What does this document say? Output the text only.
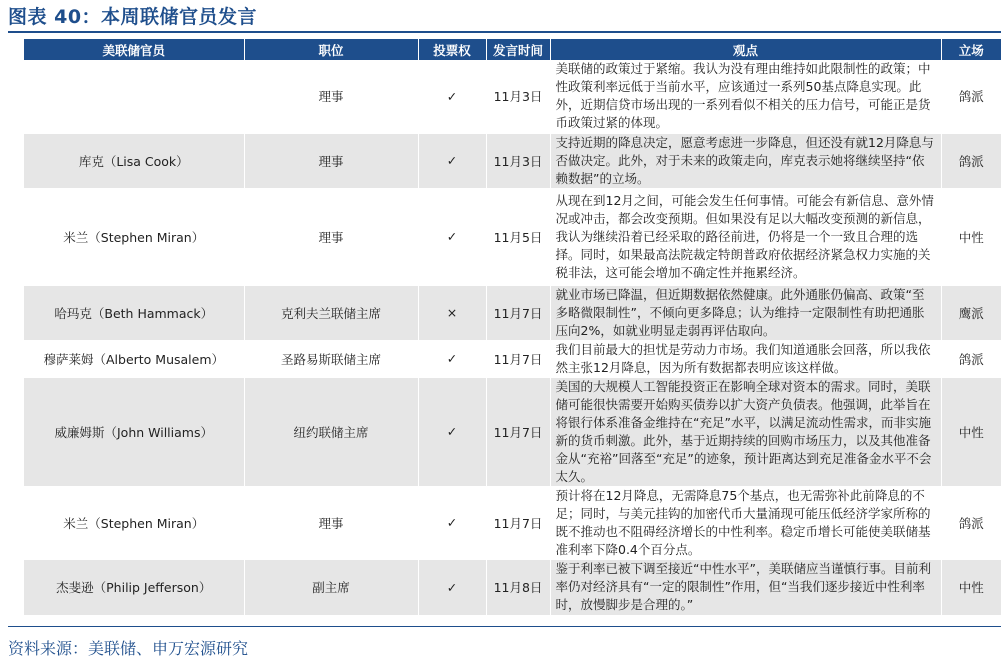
图表 40：本周联储官员发言
美联储官员	职位	投票权	发言时间	观点	立场
	理事	✓	11月3日	美联储的政策过于紧缩。我认为没有理由维持如此限制性的政策；中性政策利率远低于当前水平，应该通过一系列50基点降息实现。此外，近期信贷市场出现的一系列看似不相关的压力信号，可能正是货币政策过紧的体现。	鸽派
库克（Lisa Cook）	理事	✓	11月3日	支持近期的降息决定，愿意考虑进一步降息，但还没有就12月降息与否做决定。此外，对于未来的政策走向，库克表示她将继续坚持“依赖数据”的立场。	鸽派
米兰（Stephen Miran）	理事	✓	11月5日	从现在到12月之间，可能会发生任何事情。可能会有新信息、意外情况或冲击，都会改变预期。但如果没有足以大幅改变预测的新信息，我认为继续沿着已经采取的路径前进，仍将是一个一致且合理的选择。同时，如果最高法院裁定特朗普政府依据经济紧急权力实施的关税非法，这可能会增加不确定性并拖累经济。	中性
哈玛克（Beth Hammack）	克利夫兰联储主席	×	11月7日	就业市场已降温，但近期数据依然健康。此外通胀仍偏高、政策“至多略微限制性”，不倾向更多降息；认为维持一定限制性有助把通胀压向2%，如就业明显走弱再评估取向。	鹰派
穆萨莱姆（Alberto Musalem）	圣路易斯联储主席	✓	11月7日	我们目前最大的担忧是劳动力市场。我们知道通胀会回落，所以我依然主张12月降息，因为所有数据都表明应该这样做。	鸽派
威廉姆斯（John Williams）	纽约联储主席	✓	11月7日	美国的大规模人工智能投资正在影响全球对资本的需求。同时，美联储可能很快需要开始购买债券以扩大资产负债表。他强调，此举旨在将银行体系准备金维持在“充足”水平，以满足流动性需求，而非实施新的货币刺激。此外，基于近期持续的回购市场压力，以及其他准备金从“充裕”回落至“充足”的迹象，预计距离达到充足准备金水平不会太久。	中性
米兰（Stephen Miran）	理事	✓	11月7日	预计将在12月降息，无需降息75个基点，也无需弥补此前降息的不足；同时，与美元挂钩的加密代币大量涌现可能压低经济学家所称的既不推动也不阻碍经济增长的中性利率。稳定币增长可能使美联储基准利率下降0.4个百分点。	鸽派
杰斐逊（Philip Jefferson）	副主席	✓	11月8日	鉴于利率已被下调至接近“中性水平”，美联储应当谨慎行事。目前利率仍对经济具有“一定的限制性”作用，但“当我们逐步接近中性利率时，放慢脚步是合理的。”	中性
资料来源：美联储、申万宏源研究
